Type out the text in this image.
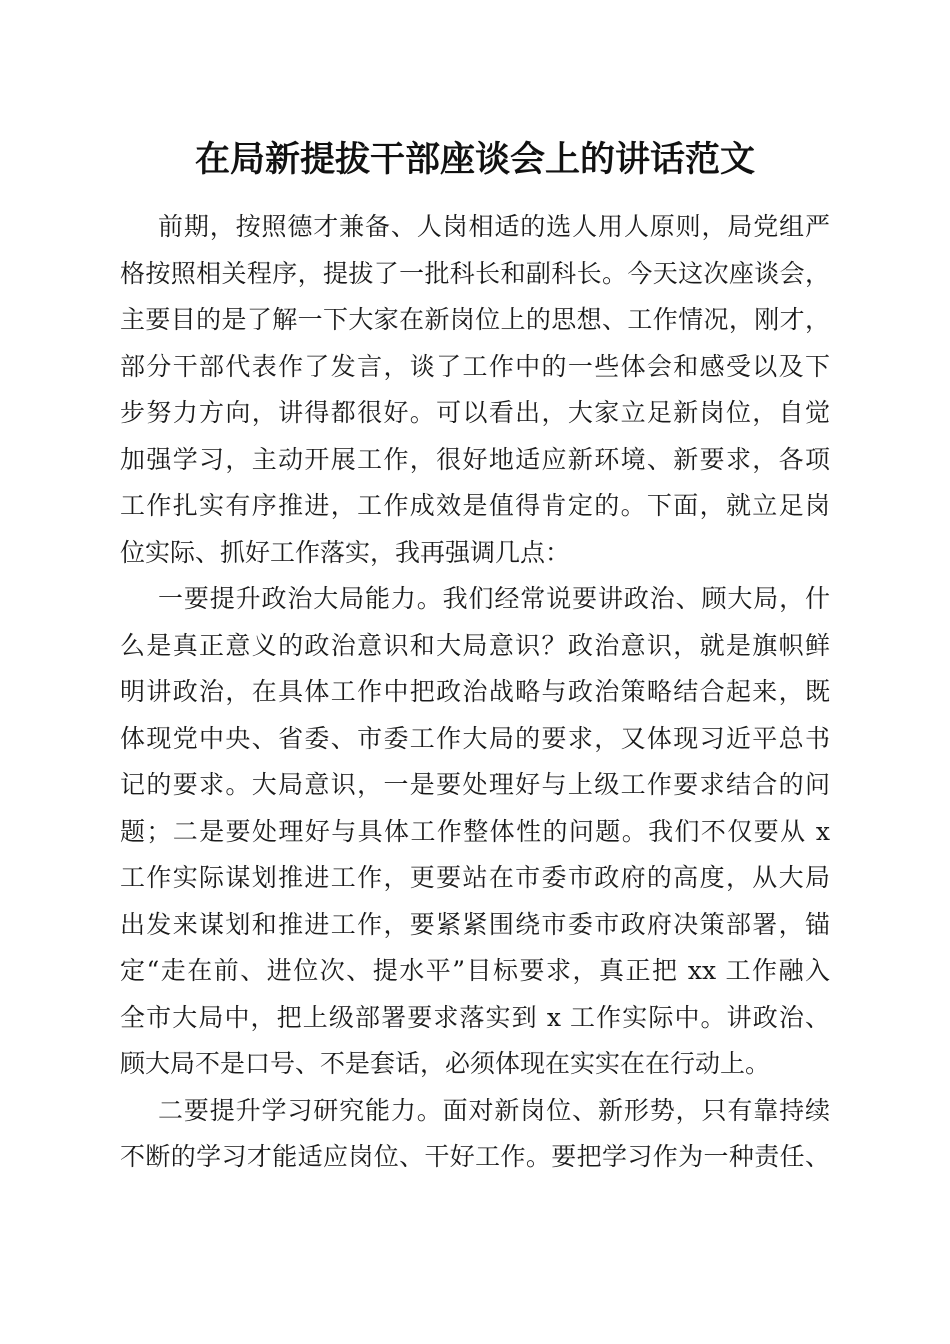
在局新提拔干部座谈会上的讲话范文
前期，按照德才兼备、人岗相适的选人用人原则，局党组严
格按照相关程序，提拔了一批科长和副科长。今天这次座谈会，
主要目的是了解一下大家在新岗位上的思想、工作情况，刚才，
部分干部代表作了发言，谈了工作中的一些体会和感受以及下
步努力方向，讲得都很好。可以看出，大家立足新岗位，自觉
加强学习，主动开展工作，很好地适应新环境、新要求，各项
工作扎实有序推进，工作成效是值得肯定的。下面，就立足岗
位实际、抓好工作落实，我再强调几点：
一要提升政治大局能力。我们经常说要讲政治、顾大局，什
么是真正意义的政治意识和大局意识？政治意识，就是旗帜鲜
明讲政治，在具体工作中把政治战略与政治策略结合起来，既
体现党中央、省委、市委工作大局的要求，又体现习近平总书
记的要求。大局意识，一是要处理好与上级工作要求结合的问
题；二是要处理好与具体工作整体性的问题。我们不仅要从 x
工作实际谋划推进工作，更要站在市委市政府的高度，从大局
出发来谋划和推进工作，要紧紧围绕市委市政府决策部署，锚
定“走在前、进位次、提水平”目标要求，真正把 xx 工作融入
全市大局中，把上级部署要求落实到 x 工作实际中。讲政治、
顾大局不是口号、不是套话，必须体现在实实在在行动上。
二要提升学习研究能力。面对新岗位、新形势，只有靠持续
不断的学习才能适应岗位、干好工作。要把学习作为一种责任、
